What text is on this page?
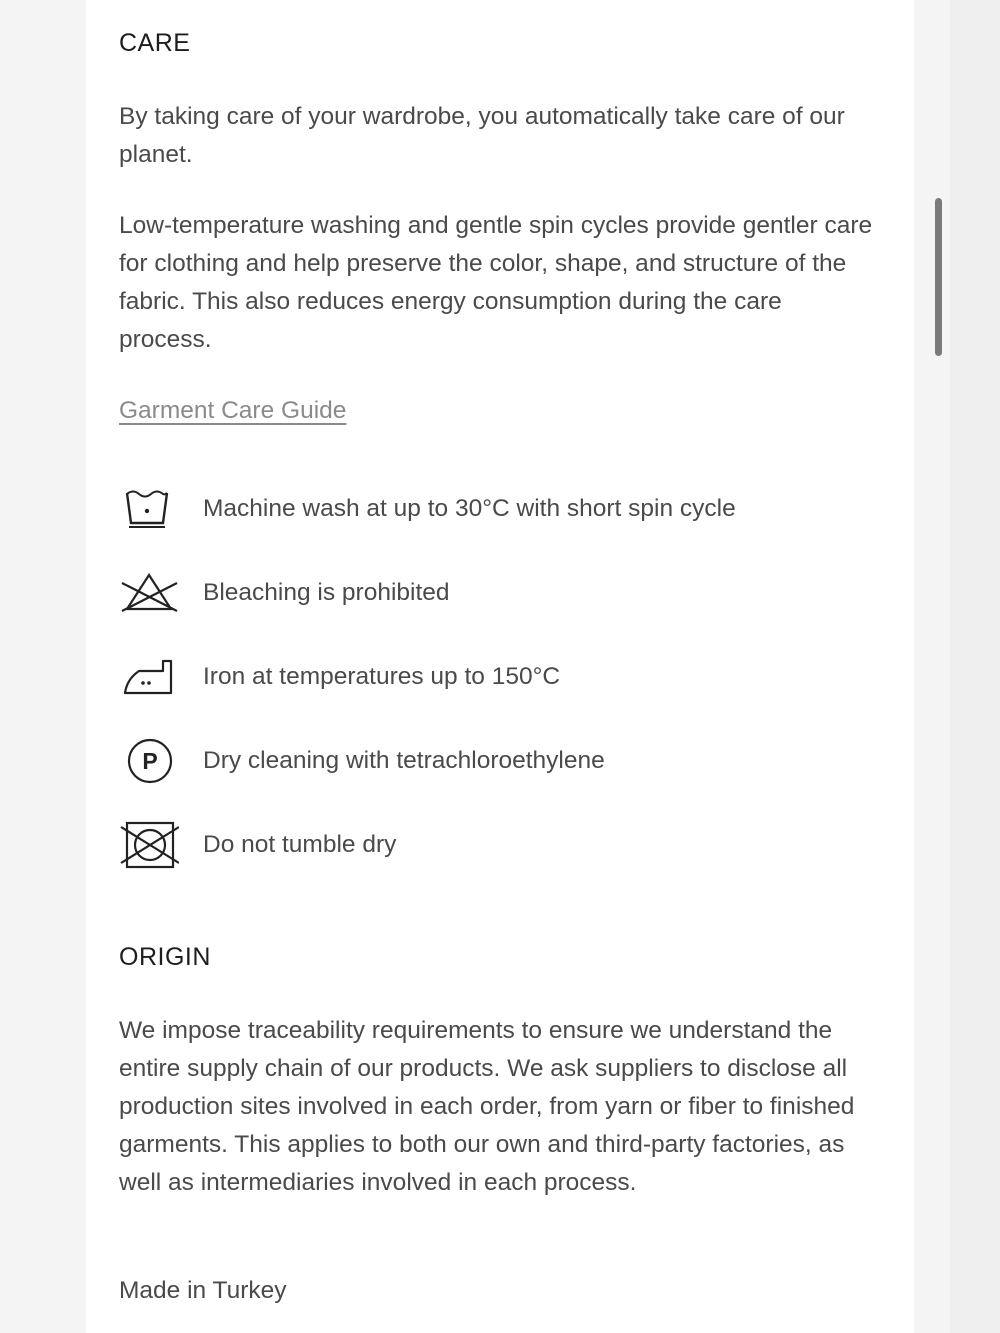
CARE

By taking care of your wardrobe, you automatically take care of our planet.

Low-temperature washing and gentle spin cycles provide gentler care for clothing and help preserve the color, shape, and structure of the fabric. This also reduces energy consumption during the care process.

Garment Care Guide
Machine wash at up to 30°C with short spin cycle
Bleaching is prohibited
Iron at temperatures up to 150°C
P Dry cleaning with tetrachloroethylene
Do not tumble dry
ORIGIN

We impose traceability requirements to ensure we understand the entire supply chain of our products. We ask suppliers to disclose all production sites involved in each order, from yarn or fiber to finished garments. This applies to both our own and third-party factories, as well as intermediaries involved in each process.

Made in Turkey
